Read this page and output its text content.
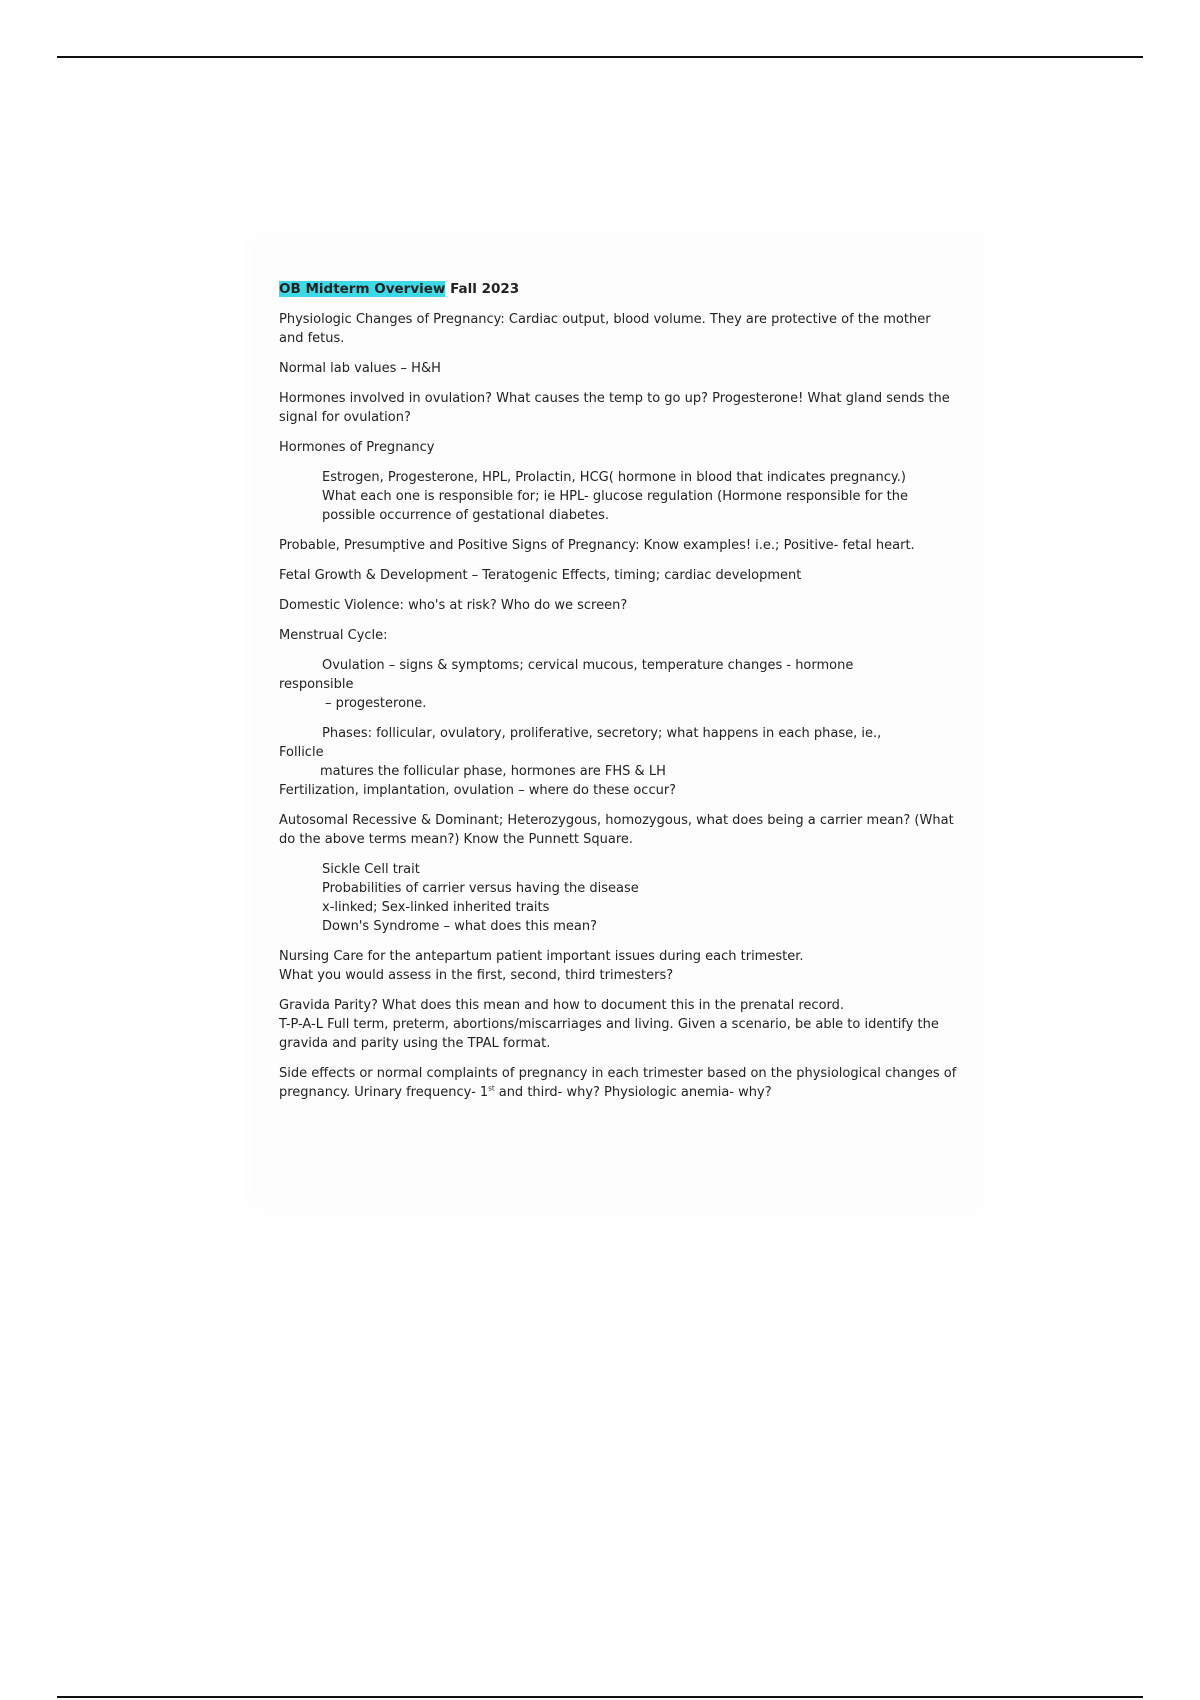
OB Midterm Overview Fall 2023

Physiologic Changes of Pregnancy: Cardiac output, blood volume. They are protective of the mother and fetus.

Normal lab values – H&H

Hormones involved in ovulation? What causes the temp to go up? Progesterone! What gland sends the signal for ovulation?

Hormones of Pregnancy

Estrogen, Progesterone, HPL, Prolactin, HCG( hormone in blood that indicates pregnancy.)

What each one is responsible for; ie HPL- glucose regulation (Hormone responsible for the possible occurrence of gestational diabetes.

Probable, Presumptive and Positive Signs of Pregnancy: Know examples! i.e.; Positive- fetal heart.

Fetal Growth & Development – Teratogenic Effects, timing; cardiac development

Domestic Violence: who's at risk? Who do we screen?

Menstrual Cycle:

Ovulation – signs & symptoms; cervical mucous, temperature changes - hormone

responsible

– progesterone.

Phases: follicular, ovulatory, proliferative, secretory; what happens in each phase, ie.,

Follicle

matures the follicular phase, hormones are FHS & LH

Fertilization, implantation, ovulation – where do these occur?

Autosomal Recessive & Dominant; Heterozygous, homozygous, what does being a carrier mean? (What do the above terms mean?) Know the Punnett Square.

Sickle Cell trait

Probabilities of carrier versus having the disease

x-linked; Sex-linked inherited traits

Down's Syndrome – what does this mean?

Nursing Care for the antepartum patient important issues during each trimester.

What you would assess in the first, second, third trimesters?

Gravida Parity? What does this mean and how to document this in the prenatal record.

T-P-A-L Full term, preterm, abortions/miscarriages and living. Given a scenario, be able to identify the gravida and parity using the TPAL format.

Side effects or normal complaints of pregnancy in each trimester based on the physiological changes of pregnancy. Urinary frequency- 1st and third- why? Physiologic anemia- why?
